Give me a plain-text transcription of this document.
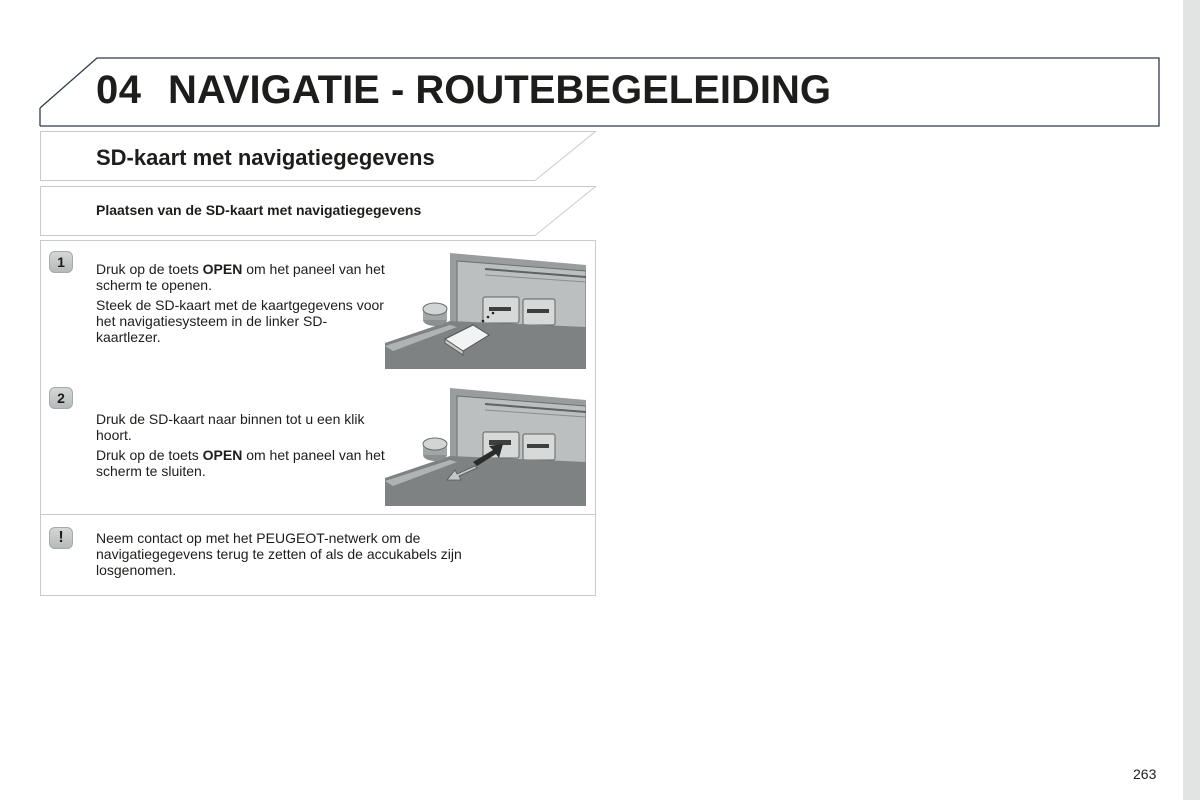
04 NAVIGATIE - ROUTEBEGELEIDING
SD-kaart met navigatiegegevens
Plaatsen van de SD-kaart met navigatiegegevens
1	Druk op de toets OPEN om het paneel van het scherm te openen.

Steek de SD-kaart met de kaartgegevens voor het navigatiesysteem in de linker SD-kaartlezer.

2

Druk de SD-kaart naar binnen tot u een klik hoort.

Druk op de toets OPEN om het paneel van het scherm te sluiten.

!	Neem contact op met het PEUGEOT-netwerk om de navigatiegegevens terug te zetten of als de accukabels zijn losgenomen.
263
